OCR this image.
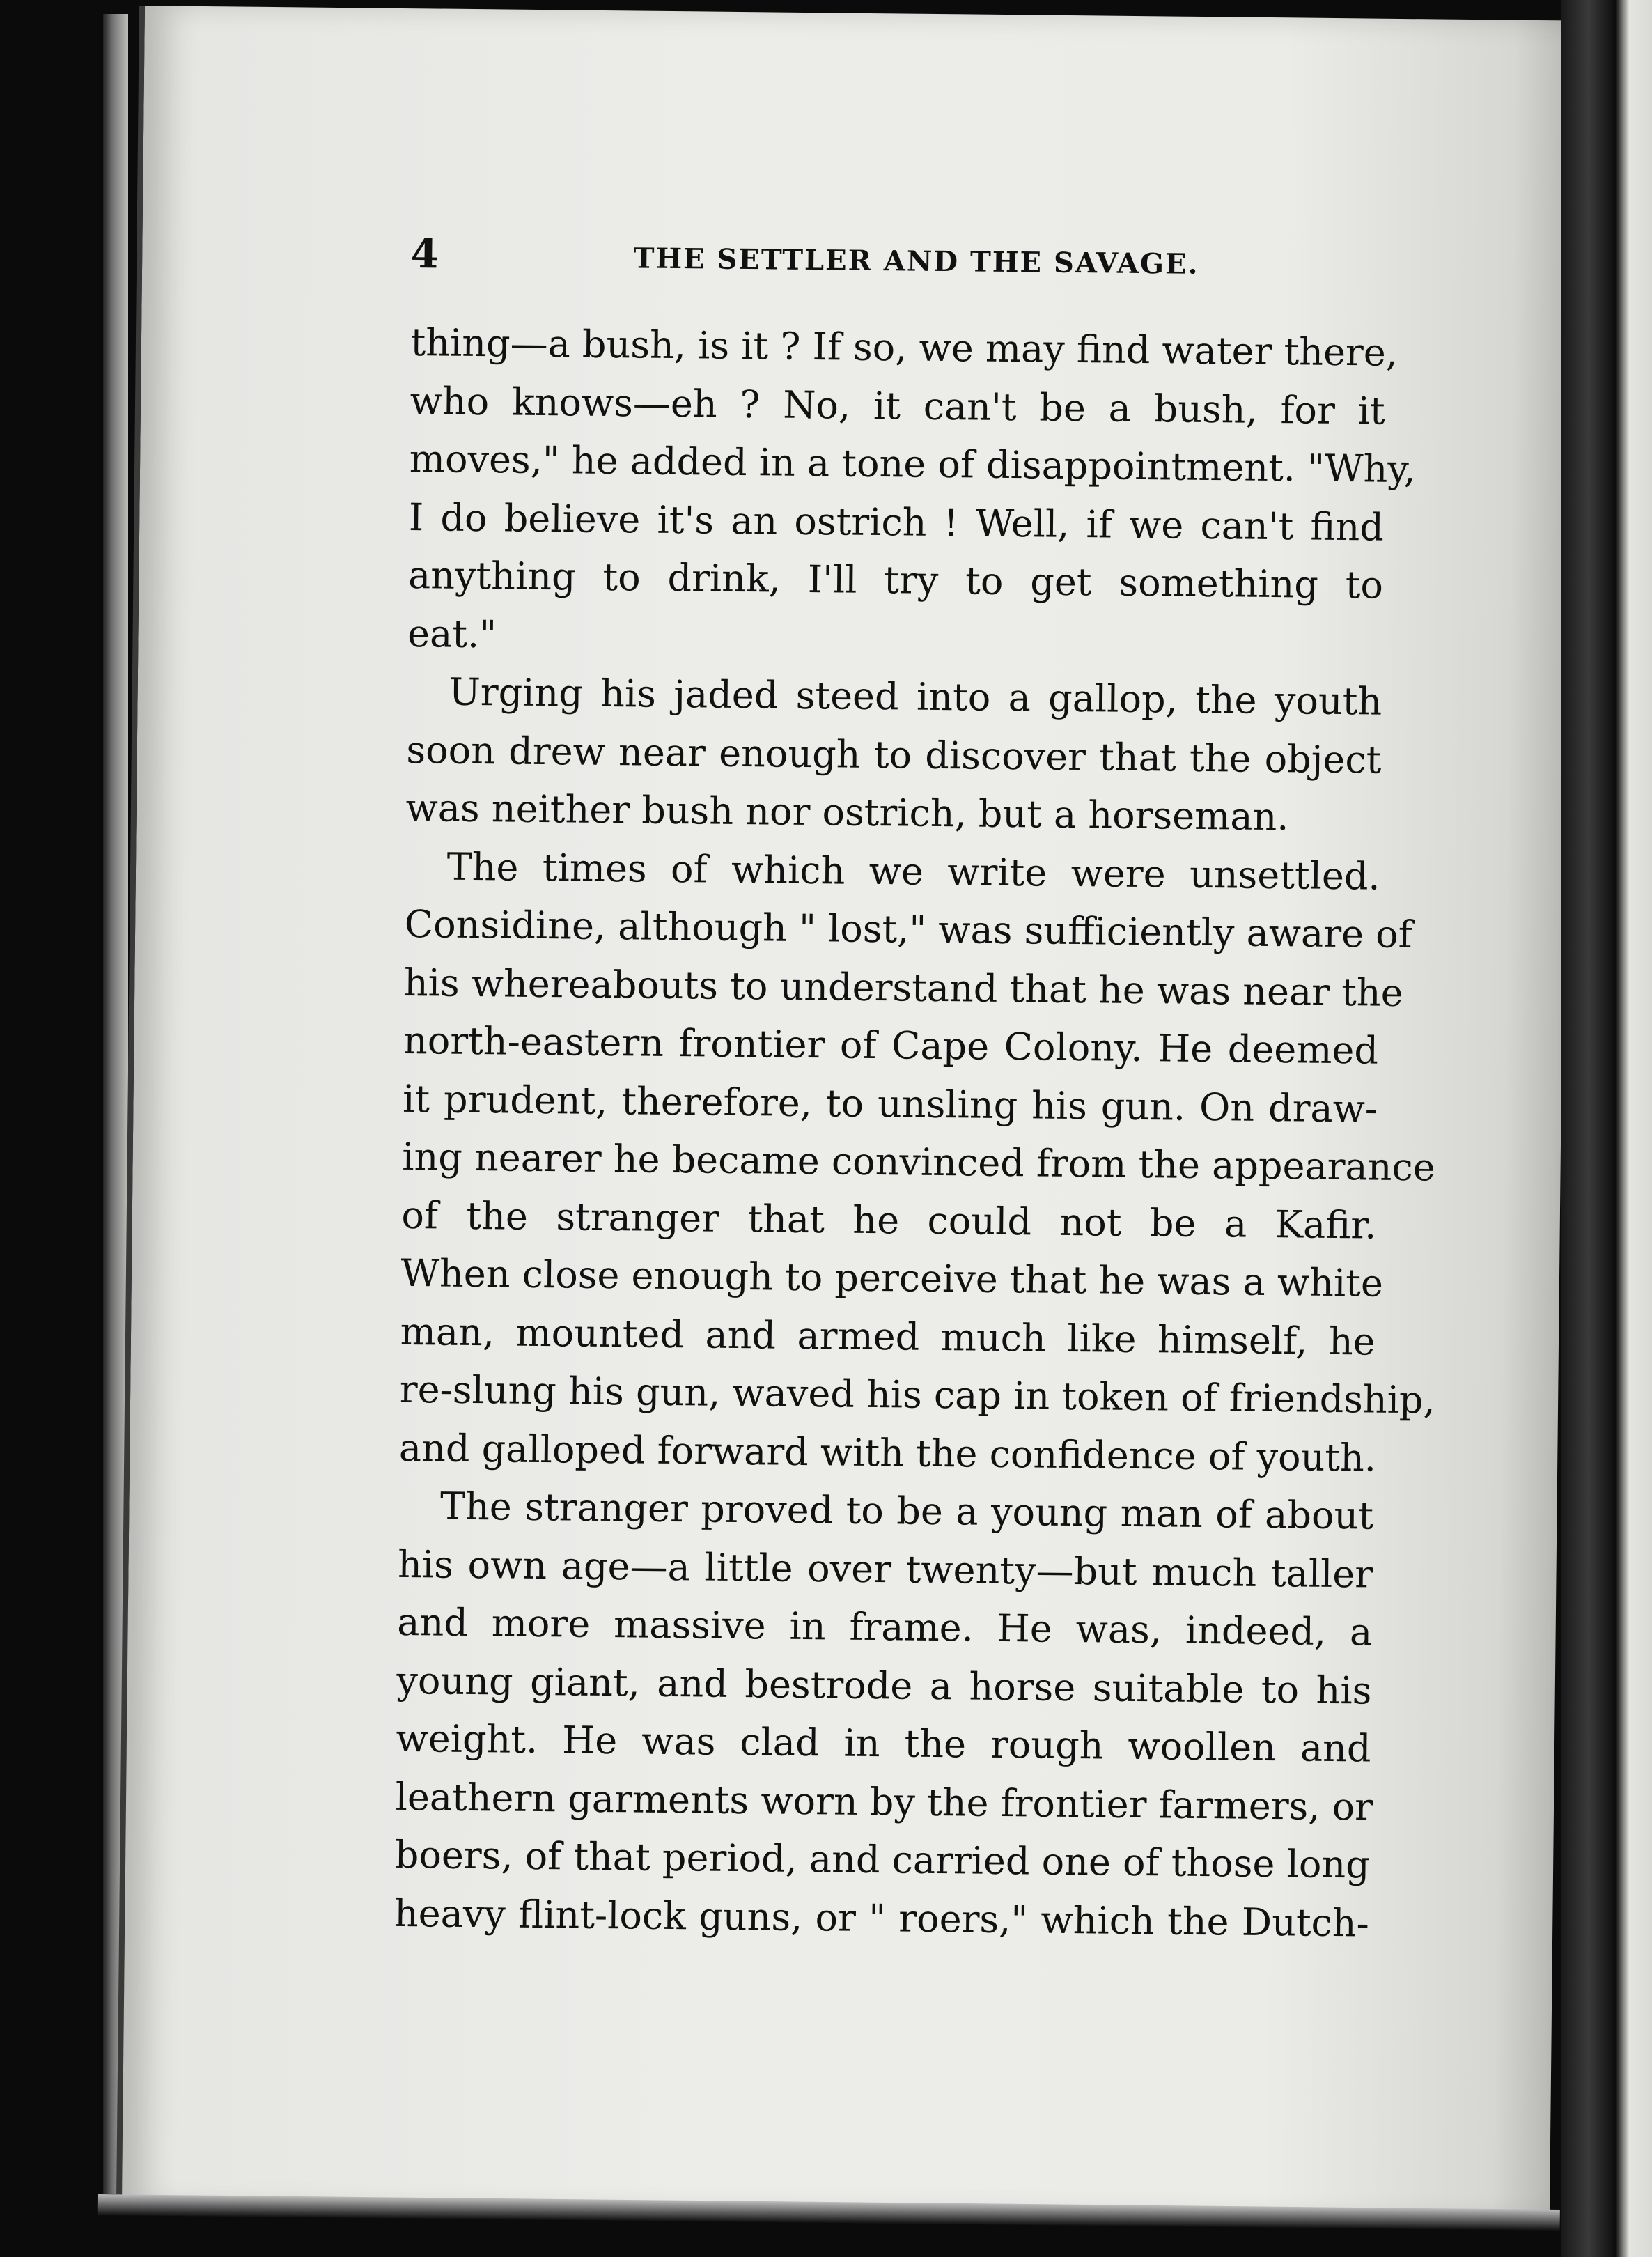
4	THE SETTLER AND THE SAVAGE.
thing—a bush, is it ? If so, we may find water there,
who knows—eh ? No, it can't be a bush, for it
moves," he added in a tone of disappointment. "Why,
I do believe it's an ostrich ! Well, if we can't find
anything to drink, I'll try to get something to
eat."
Urging his jaded steed into a gallop, the youth
soon drew near enough to discover that the object
was neither bush nor ostrich, but a horseman.
The times of which we write were unsettled.
Considine, although " lost," was sufficiently aware of
his whereabouts to understand that he was near the
north-eastern frontier of Cape Colony. He deemed
it prudent, therefore, to unsling his gun. On draw-
ing nearer he became convinced from the appearance
of the stranger that he could not be a Kafir.
When close enough to perceive that he was a white
man, mounted and armed much like himself, he
re-slung his gun, waved his cap in token of friendship,
and galloped forward with the confidence of youth.
The stranger proved to be a young man of about
his own age—a little over twenty—but much taller
and more massive in frame. He was, indeed, a
young giant, and bestrode a horse suitable to his
weight. He was clad in the rough woollen and
leathern garments worn by the frontier farmers, or
boers, of that period, and carried one of those long
heavy flint-lock guns, or " roers," which the Dutch-
